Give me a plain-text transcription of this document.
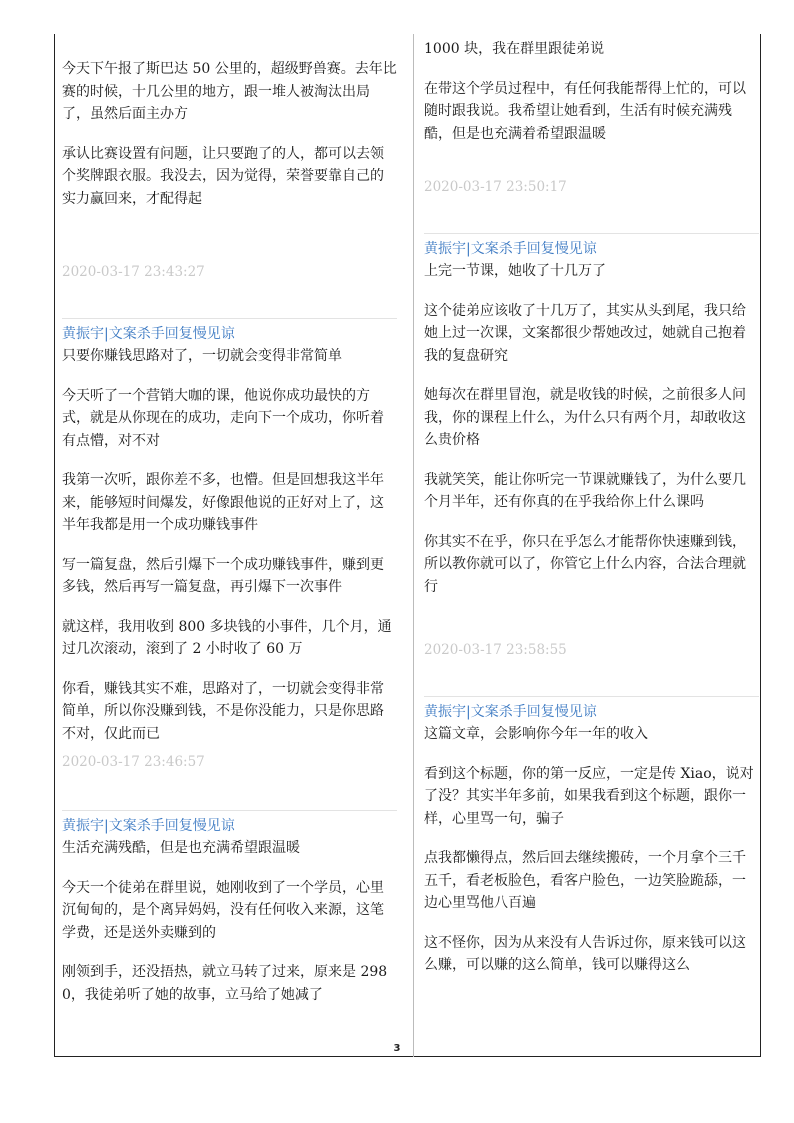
今天下午报了斯巴达 50 公里的，超级野兽赛。去年比赛的时候，十几公里的地方，跟一堆人被淘汰出局了，虽然后面主办方

承认比赛设置有问题，让只要跑了的人，都可以去领个奖牌跟衣服。我没去，因为觉得，荣誉要靠自己的实力赢回来，才配得起

2020-03-17 23:43:27

黄振宇|文案杀手回复慢见谅

只要你赚钱思路对了，一切就会变得非常简单

今天听了一个营销大咖的课，他说你成功最快的方式，就是从你现在的成功，走向下一个成功，你听着有点懵，对不对

我第一次听，跟你差不多，也懵。但是回想我这半年来，能够短时间爆发，好像跟他说的正好对上了，这半年我都是用一个成功赚钱事件

写一篇复盘，然后引爆下一个成功赚钱事件，赚到更多钱，然后再写一篇复盘，再引爆下一次事件

就这样，我用收到 800 多块钱的小事件，几个月，通过几次滚动，滚到了 2 小时收了 60 万

你看，赚钱其实不难，思路对了，一切就会变得非常简单，所以你没赚到钱，不是你没能力，只是你思路不对，仅此而已

2020-03-17 23:46:57

黄振宇|文案杀手回复慢见谅

生活充满残酷，但是也充满希望跟温暖

今天一个徒弟在群里说，她刚收到了一个学员，心里沉甸甸的，是个离异妈妈，没有任何收入来源，这笔学费，还是送外卖赚到的

刚领到手，还没捂热，就立马转了过来，原来是 2980，我徒弟听了她的故事，立马给了她减了

1000 块，我在群里跟徒弟说

在带这个学员过程中，有任何我能帮得上忙的，可以随时跟我说。我希望让她看到，生活有时候充满残酷，但是也充满着希望跟温暖

2020-03-17 23:50:17

黄振宇|文案杀手回复慢见谅

上完一节课，她收了十几万了

这个徒弟应该收了十几万了，其实从头到尾，我只给她上过一次课，文案都很少帮她改过，她就自己抱着我的复盘研究

她每次在群里冒泡，就是收钱的时候，之前很多人问我，你的课程上什么，为什么只有两个月，却敢收这么贵价格

我就笑笑，能让你听完一节课就赚钱了，为什么要几个月半年，还有你真的在乎我给你上什么课吗

你其实不在乎，你只在乎怎么才能帮你快速赚到钱，所以教你就可以了，你管它上什么内容，合法合理就行

2020-03-17 23:58:55

黄振宇|文案杀手回复慢见谅

这篇文章，会影响你今年一年的收入

看到这个标题，你的第一反应，一定是传 Xiao，说对了没？其实半年多前，如果我看到这个标题，跟你一样，心里骂一句，骗子

点我都懒得点，然后回去继续搬砖，一个月拿个三千五千，看老板脸色，看客户脸色，一边笑脸跪舔，一边心里骂他八百遍

这不怪你，因为从来没有人告诉过你，原来钱可以这么赚，可以赚的这么简单，钱可以赚得这么

3
